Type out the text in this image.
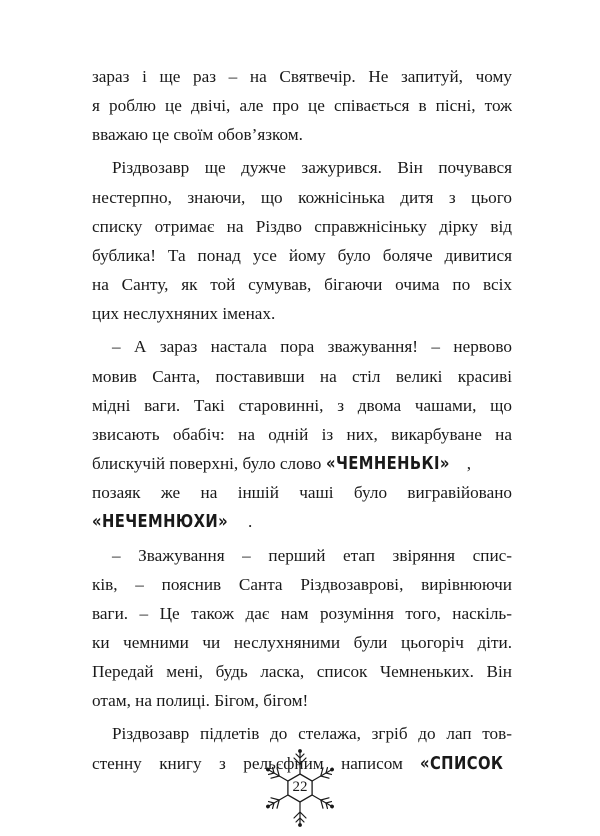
зараз і ще раз – на Святвечір. Не запитуй, чому
я роблю це двічі, але про це співається в пісні, тож
вважаю це своїм обов’язком.

Різдвозавр ще дужче зажурився. Він почувався
нестерпно, знаючи, що кожнісінька дитя з цього
списку отримає на Різдво справжнісіньку дірку від
бублика! Та понад усе йому було боляче дивитися
на Санту, як той сумував, бігаючи очима по всіх
цих неслухняних іменах.

– А зараз настала пора зважування! – нервово
мовив Санта, поставивши на стіл великі красиві
мідні ваги. Такі старовинні, з двома чашами, що
звисають обабіч: на одній із них, викарбуване на
блискучій поверхні, було слово «ЧЕМНЕНЬКІ» ,
позаяк же на іншій чаші було вигравійовано
«НЕЧЕМНЮХИ» .

– Зважування – перший етап звіряння спис-
ків, – пояснив Санта Різдвозаврові, вирівнюючи
ваги. – Це також дає нам розуміння того, наскіль-
ки чемними чи неслухняними були цьогоріч діти.
Передай мені, будь ласка, список Чемненьких. Він
отам, на полиці. Бігом, бігом!

Різдвозавр підлетів до стелажа, згріб до лап тов-
стенну книгу з рельєфним написом «СПИСОК

22
